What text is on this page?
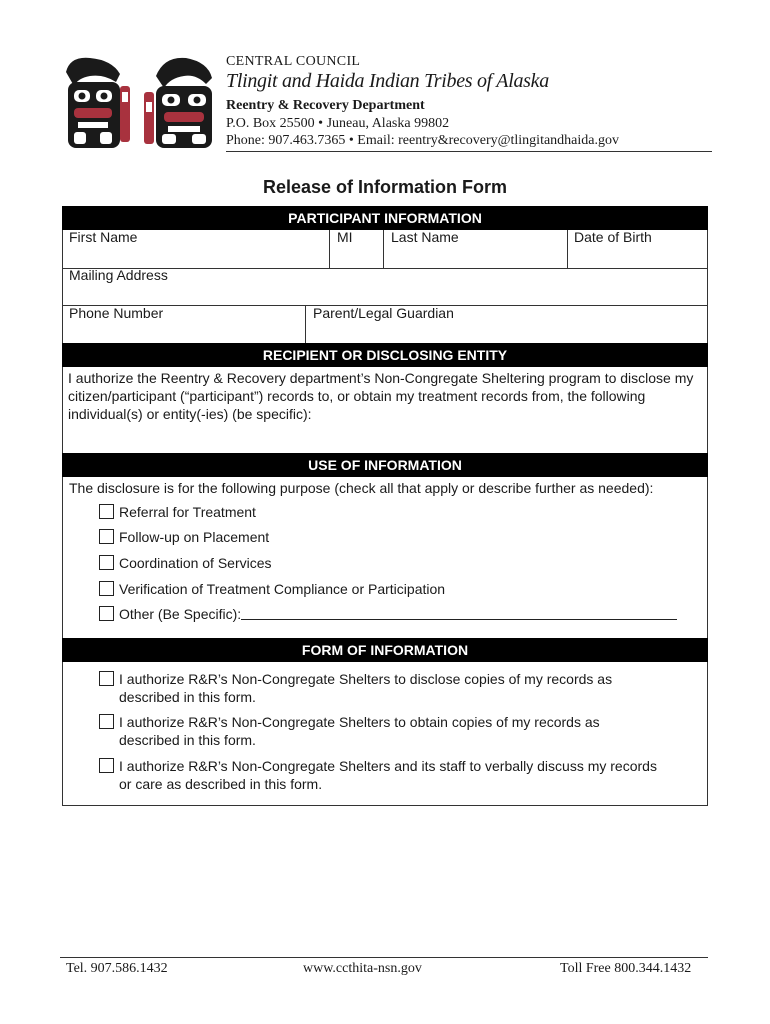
CENTRAL COUNCIL
Tlingit and Haida Indian Tribes of Alaska
Reentry & Recovery Department
P.O. Box 25500 • Juneau, Alaska 99802
Phone: 907.463.7365 • Email: reentry&recovery@tlingitandhaida.gov
Release of Information Form
PARTICIPANT INFORMATION
First Name	MI	Last Name	Date of Birth
Mailing Address
Phone Number	Parent/Legal Guardian
RECIPIENT OR DISCLOSING ENTITY
I authorize the Reentry & Recovery department’s Non-Congregate Sheltering program to disclose my citizen/participant (“participant”) records to, or obtain my treatment records from, the following individual(s) or entity(-ies) (be specific):
USE OF INFORMATION
The disclosure is for the following purpose (check all that apply or describe further as needed):
Referral for Treatment
Follow-up on Placement
Coordination of Services
Verification of Treatment Compliance or Participation
Other (Be Specific):
FORM OF INFORMATION
I authorize R&R’s Non-Congregate Shelters to disclose copies of my records as described in this form.
I authorize R&R’s Non-Congregate Shelters to obtain copies of my records as described in this form.
I authorize R&R’s Non-Congregate Shelters and its staff to verbally discuss my records or care as described in this form.
Tel. 907.586.1432	www.ccthita-nsn.gov	Toll Free 800.344.1432
